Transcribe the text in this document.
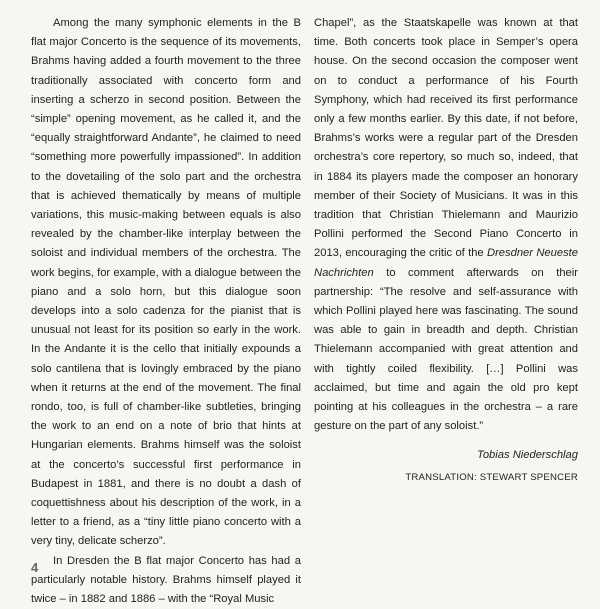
Among the many symphonic elements in the B flat major Concerto is the sequence of its movements, Brahms having added a fourth movement to the three traditionally associated with concerto form and inserting a scherzo in second position. Between the “simple” opening movement, as he called it, and the “equally straightforward Andante”, he claimed to need “something more powerfully impassioned”. In addition to the dovetailing of the solo part and the orchestra that is achieved thematically by means of multiple variations, this music-making between equals is also revealed by the chamber-like interplay between the soloist and individual members of the orchestra. The work begins, for example, with a dialogue between the piano and a solo horn, but this dialogue soon develops into a solo cadenza for the pianist that is unusual not least for its position so early in the work. In the Andante it is the cello that initially expounds a solo cantilena that is lovingly embraced by the piano when it returns at the end of the movement. The final rondo, too, is full of chamber-like subtleties, bringing the work to an end on a note of brio that hints at Hungarian elements. Brahms himself was the soloist at the concerto’s successful first performance in Budapest in 1881, and there is no doubt a dash of coquettishness about his description of the work, in a letter to a friend, as a “tiny little piano concerto with a very tiny, delicate scherzo”.

In Dresden the B flat major Concerto has had a particularly notable history. Brahms himself played it twice – in 1882 and 1886 – with the “Royal Music

Chapel”, as the Staatskapelle was known at that time. Both concerts took place in Semper’s opera house. On the second occasion the composer went on to conduct a performance of his Fourth Symphony, which had received its first performance only a few months earlier. By this date, if not before, Brahms’s works were a regular part of the Dresden orchestra’s core repertory, so much so, indeed, that in 1884 its players made the composer an honorary member of their Society of Musicians. It was in this tradition that Christian Thielemann and Maurizio Pollini performed the Second Piano Concerto in 2013, encouraging the critic of the Dresdner Neueste Nachrichten to comment afterwards on their partnership: “The resolve and self-assurance with which Pollini played here was fascinating. The sound was able to gain in breadth and depth. Christian Thielemann accompanied with great attention and with tightly coiled flexibility. […] Pollini was acclaimed, but time and again the old pro kept pointing at his colleagues in the orchestra – a rare gesture on the part of any soloist.”

Tobias Niederschlag

TRANSLATION: STEWART SPENCER

4
